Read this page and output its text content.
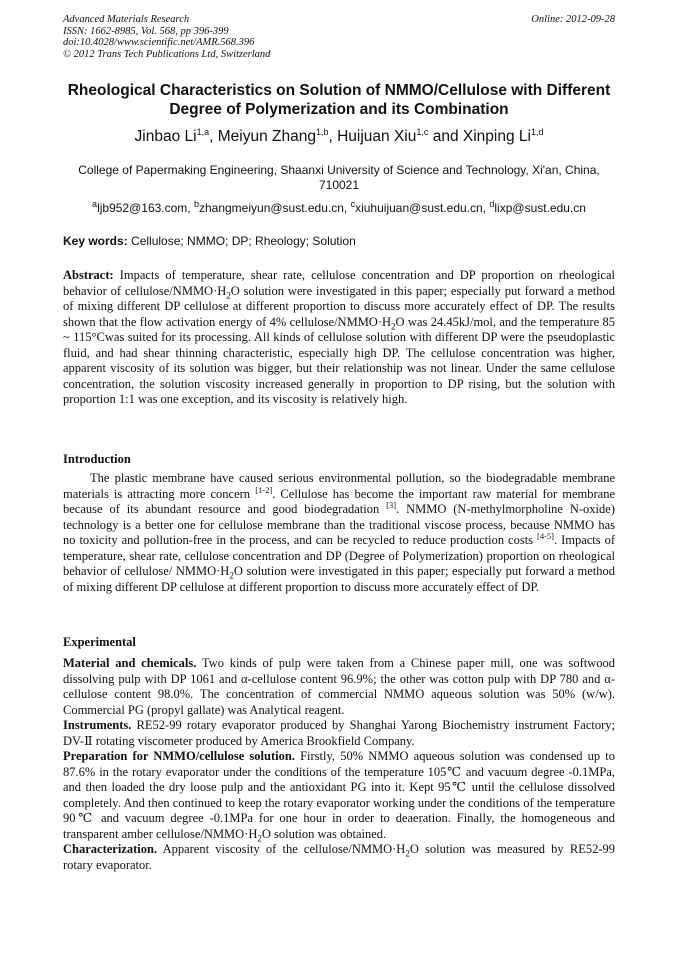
Advanced Materials Research
ISSN: 1662-8985, Vol. 568, pp 396-399
doi:10.4028/www.scientific.net/AMR.568.396
© 2012 Trans Tech Publications Ltd, Switzerland
Online: 2012-09-28
Rheological Characteristics on Solution of NMMO/Cellulose with Different Degree of Polymerization and its Combination
Jinbao Li$^{1,a}$, Meiyun Zhang$^{1,b}$, Huijuan Xiu$^{1,c}$ and Xinping Li$^{1,d}$
College of Papermaking Engineering, Shaanxi University of Science and Technology, Xi'an, China, 710021
$^a$ljb952@163.com, $^b$zhangmeiyun@sust.edu.cn, $^c$xiuhuijuan@sust.edu.cn, $^d$lixp@sust.edu.cn
Key words: Cellulose; NMMO; DP; Rheology; Solution

Abstract: Impacts of temperature, shear rate, cellulose concentration and DP proportion on rheological behavior of cellulose/$NMMO\cdot H_2O$ solution were investigated in this paper; especially put forward a method of mixing different DP cellulose at different proportion to discuss more accurately effect of DP. The results shown that the flow activation energy of 4% cellulose/$NMMO\cdot H_2O$ was 24.45kJ/mol, and the temperature 85 ~ 115°Cwas suited for its processing. All kinds of cellulose solution with different DP were the pseudoplastic fluid, and had shear thinning characteristic, especially high DP. The cellulose concentration was higher, apparent viscosity of its solution was bigger, but their relationship was not linear. Under the same cellulose concentration, the solution viscosity increased generally in proportion to DP rising, but the solution with proportion 1:1 was one exception, and its viscosity is relatively high.

Introduction

The plastic membrane have caused serious environmental pollution, so the biodegradable membrane materials is attracting more concern [1-2]. Cellulose has become the important raw material for membrane because of its abundant resource and good biodegradation [3]. NMMO (N-methylmorpholine N-oxide) technology is a better one for cellulose membrane than the traditional viscose process, because NMMO has no toxicity and pollution-free in the process, and can be recycled to reduce production costs [4-5]. Impacts of temperature, shear rate, cellulose concentration and DP (Degree of Polymerization) proportion on rheological behavior of cellulose/ $NMMO\cdot H_2O$ solution were investigated in this paper; especially put forward a method of mixing different DP cellulose at different proportion to discuss more accurately effect of DP.

Experimental

Material and chemicals. Two kinds of pulp were taken from a Chinese paper mill, one was softwood dissolving pulp with DP 1061 and α-cellulose content 96.9%; the other was cotton pulp with DP 780 and α-cellulose content 98.0%. The concentration of commercial NMMO aqueous solution was 50% (w/w). Commercial PG (propyl gallate) was Analytical reagent.

Instruments. RE52-99 rotary evaporator produced by Shanghai Yarong Biochemistry instrument Factory; DV-Ⅱ rotating viscometer produced by America Brookfield Company.

Preparation for NMMO/cellulose solution. Firstly, 50% NMMO aqueous solution was condensed up to 87.6% in the rotary evaporator under the conditions of the temperature 105℃ and vacuum degree -0.1MPa, and then loaded the dry loose pulp and the antioxidant PG into it. Kept 95℃ until the cellulose dissolved completely. And then continued to keep the rotary evaporator working under the conditions of the temperature 90℃ and vacuum degree -0.1MPa for one hour in order to deaeration. Finally, the homogeneous and transparent amber cellulose/$NMMO\cdot H_2O$ solution was obtained.

Characterization. Apparent viscosity of the cellulose/$NMMO\cdot H_2O$ solution was measured by RE52-99 rotary evaporator.
